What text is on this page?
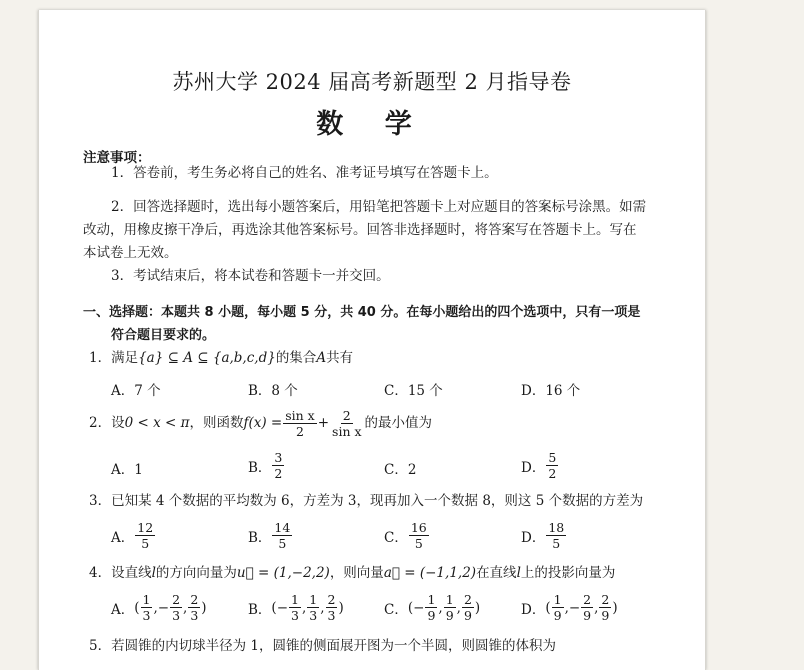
苏州大学 2024 届高考新题型 2 月指导卷
数 学
注意事项：
1．答卷前，考生务必将自己的姓名、准考证号填写在答题卡上。
2．回答选择题时，选出每小题答案后，用铅笔把答题卡上对应题目的答案标号涂黑。如需
改动，用橡皮擦干净后，再选涂其他答案标号。回答非选择题时，将答案写在答题卡上。写在
本试卷上无效。
3．考试结束后，将本试卷和答题卡一并交回。
一、选择题：本题共 8 小题，每小题 5 分，共 40 分。在每小题给出的四个选项中，只有一项是
符合题目要求的。
1．满足{a} ⊆ A ⊆ {a,b,c,d}的集合A共有
A．7 个	B．8 个	C．15 个	D．16 个
2． 设 0 < x < π ，则函数 $f(x) = \frac{\text{sin x}}{2} + \frac{2}{\text{sin x}}$ 的最小值为
A．1	B． $\frac{3}{2}$	C．2	D． $\frac{5}{2}$
3．已知某 4 个数据的平均数为 6，方差为 3，现再加入一个数据 8，则这 5 个数据的方差为
A． $\frac{12}{5}$	B． $\frac{14}{5}$	C． $\frac{16}{5}$	D． $\frac{18}{5}$
4．设直线l的方向向量为u⃗ = (1,−2,2)，则向量a⃗ = (−1,1,2)在直线l上的投影向量为
A． ( $\frac{1}{3}$ ,− $\frac{2}{3}$ , $\frac{2}{3}$ )	B． ( − $\frac{1}{3}$ , $\frac{1}{3}$ , $\frac{2}{3}$ )	C． ( − $\frac{1}{9}$ , $\frac{1}{9}$ , $\frac{2}{9}$ )	D． ( $\frac{1}{9}$ ,− $\frac{2}{9}$ , $\frac{2}{9}$ )
5．若圆锥的内切球半径为 1，圆锥的侧面展开图为一个半圆，则圆锥的体积为
